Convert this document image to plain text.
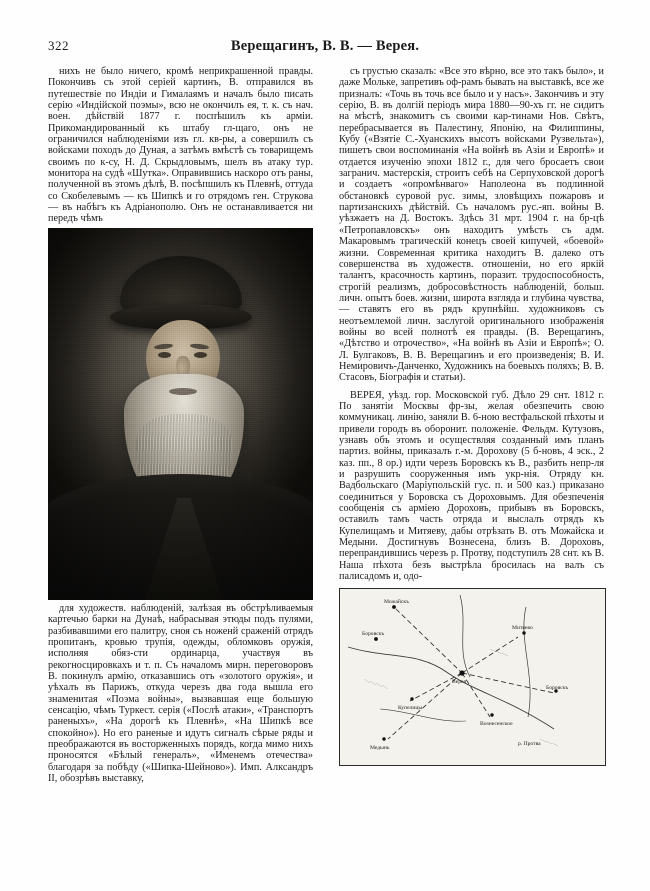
322	Верещагинъ, В. В. — Верея.

нихъ не было ничего, кромѣ неприкрашенной правды. Покончивъ съ этой серіей картинъ, В. отправился въ путешествіе по Индіи и Гималаямъ и началъ было писать серію «Индійской поэмы», всю не окончилъ ея, т. к. съ нач. воен. дѣйствій 1877 г. поспѣшилъ къ арміи. Прикомандированный къ штабу гл-щаго, онъ не ограничился наблюденіями изъ гл. кв-ры, а совершилъ съ войсками походъ до Дуная, а затѣмъ вмѣстѣ съ товарищемъ своимъ по к-су, Н. Д. Скрыдловымъ, шелъ въ атаку тур. монитора на судѣ «Шутка». Оправившись наскоро отъ раны, полученной въ этомъ дѣлѣ, В. посѣпшилъ къ Плевнѣ, оттуда со Скобелевымъ — къ Шипкѣ и го отрядомъ ген. Струкова — въ набѣгъ къ Адріанополю. Онъ не останавливается ни передъ чѣмъ

для художеств. наблюденій, залѣзая въ обстрѣливаемыя картечью барки на Дунаѣ, набрасывая этюды подъ пулями, разбивавшими его палитру, сноя съ ноженй сраженій отрядъ пропитанъ, кровью трупія, одежды, обломковъ оружія, исполняя обяз-сти ординарца, участвуя въ рекогносцировкахъ и т. п. Съ началомъ мирн. переговоровъ В. покинулъ армію, отказавшись отъ «золотого оружія», и уѣхалъ въ Парижъ, откуда черезъ два года вышла его знаменитая «Поэма войны», вызвавшая еще большую сенсацію, чѣмъ Туркест. серія («Послѣ атаки», «Транспортъ раненыхъ», «На дорогѣ къ Плевнѣ», «На Шипкѣ все спокойно»). Но его раненые и идутъ сигналъ сѣрые ряды и преображаются въ восторженныхъ порядъ, когда мимо нихъ проносятся «Бѣлый генералъ», «Именемъ отечества» благодаря за побѣду («Шипка-Шейново»). Имп. Алксандръ II, обозрѣвъ выставку,

съ грустью сказалъ: «Все это вѣрно, все это такъ было», и даже Мольке, запретивъ оф-рамъ бывать на выставкѣ, все же призналъ: «Точь въ точь все было и у насъ». Закончивъ и эту серію, В. въ долгій періодъ мира 1880—90-хъ гг. не сидитъ на мѣстѣ, знакомитъ съ своими кар-тинами Нов. Свѣтъ, перебрасывается въ Палестину, Японію, на Филиппины, Кубу («Взятіе С.-Хуанскихъ высотъ войсками Рузвельта»), пишетъ свои воспоминанія «На войнѣ въ Азіи и Европѣ» и отдается изученію эпохи 1812 г., для чего бросаетъ свои загранич. мастерскія, строитъ себѣ на Серпуховской дорогѣ и создаетъ «опромѣнваго» Наполеона въ подлинной обстановкѣ суровой рус. зимы, зловѣщихъ пожаровъ и партизанскихъ дѣйствій. Съ началомъ рус.-яп. войны В. уѣзжаетъ на Д. Востокъ. Здѣсь 31 мрт. 1904 г. на бр-цѣ «Петропавловскъ» онъ находитъ умѣсть съ адм. Макаровымъ трагическій конецъ своей кипучей, «боевой» жизни. Современная критика находитъ В. далеко отъ совершенства въ художеств. отношеніи, но его яркій талантъ, красочность картинъ, поразит. трудоспособность, строгій реализмъ, добросовѣстность наблюденій, больш. личн. опытъ боев. жизни, широта взгляда и глубина чувства, — ставятъ его въ рядъ крупнѣйш. художниковъ съ неотъемлемой личн. заслугой оригинального изображенія войны во всей полнотѣ ея правды. (В. Верещагинъ, «Дѣтство и отрочество», «На войнѣ въ Азіи и Европѣ»; О. Л. Булгаковъ, В. В. Верещагинъ и его произведенія; В. И. Немировичъ-Данченко, Художникъ на боевыхъ поляхъ; В. В. Стасовъ, Біографія и статьи).

ВЕРЕЯ, уѣзд. гор. Московской губ. Дѣло 29 снт. 1812 г. По занятіи Москвы фр-зы, желая обезпечить свою коммуникац. линію, заняли В. 6-ною вестфальской пѣхоты и привели городъ въ оборонит. положеніе. Фельдм. Кутузовъ, узнавъ объ этомъ и осуществляя созданный имъ планъ партиз. войны, приказалъ г.-м. Дорохову (5 б-новъ, 4 эск., 2 каз. пп., 8 ор.) идти черезъ Боровскъ къ В., разбить непр-ля и разрушить сооруженныя имъ укр-нія. Отряду кн. Вадбольскаго (Маріупольскій гус. п. и 500 каз.) приказано соединиться у Боровска съ Дороховымъ. Для обезпеченія сообщенія съ арміею Дороховъ, прибывъ въ Боровскъ, оставилъ тамъ часть отряда и выслалъ отрядъ къ Купелищамъ и Митяеву, дабы отрѣзать В. отъ Можайска и Медыни. Достигнувъ Вознесена, близъ В. Дороховъ, перепрандившись черезъ р. Протву, подступилъ 28 снт. къ В. Наша пѣхота безъ выстрѣла бросилась на валъ съ палисадомъ и, одо-

Можайскъ
Боровскъ
Верея
Митяево
Купелицы
Вознесенское
Медынь
р. Протва
Боровскъ
